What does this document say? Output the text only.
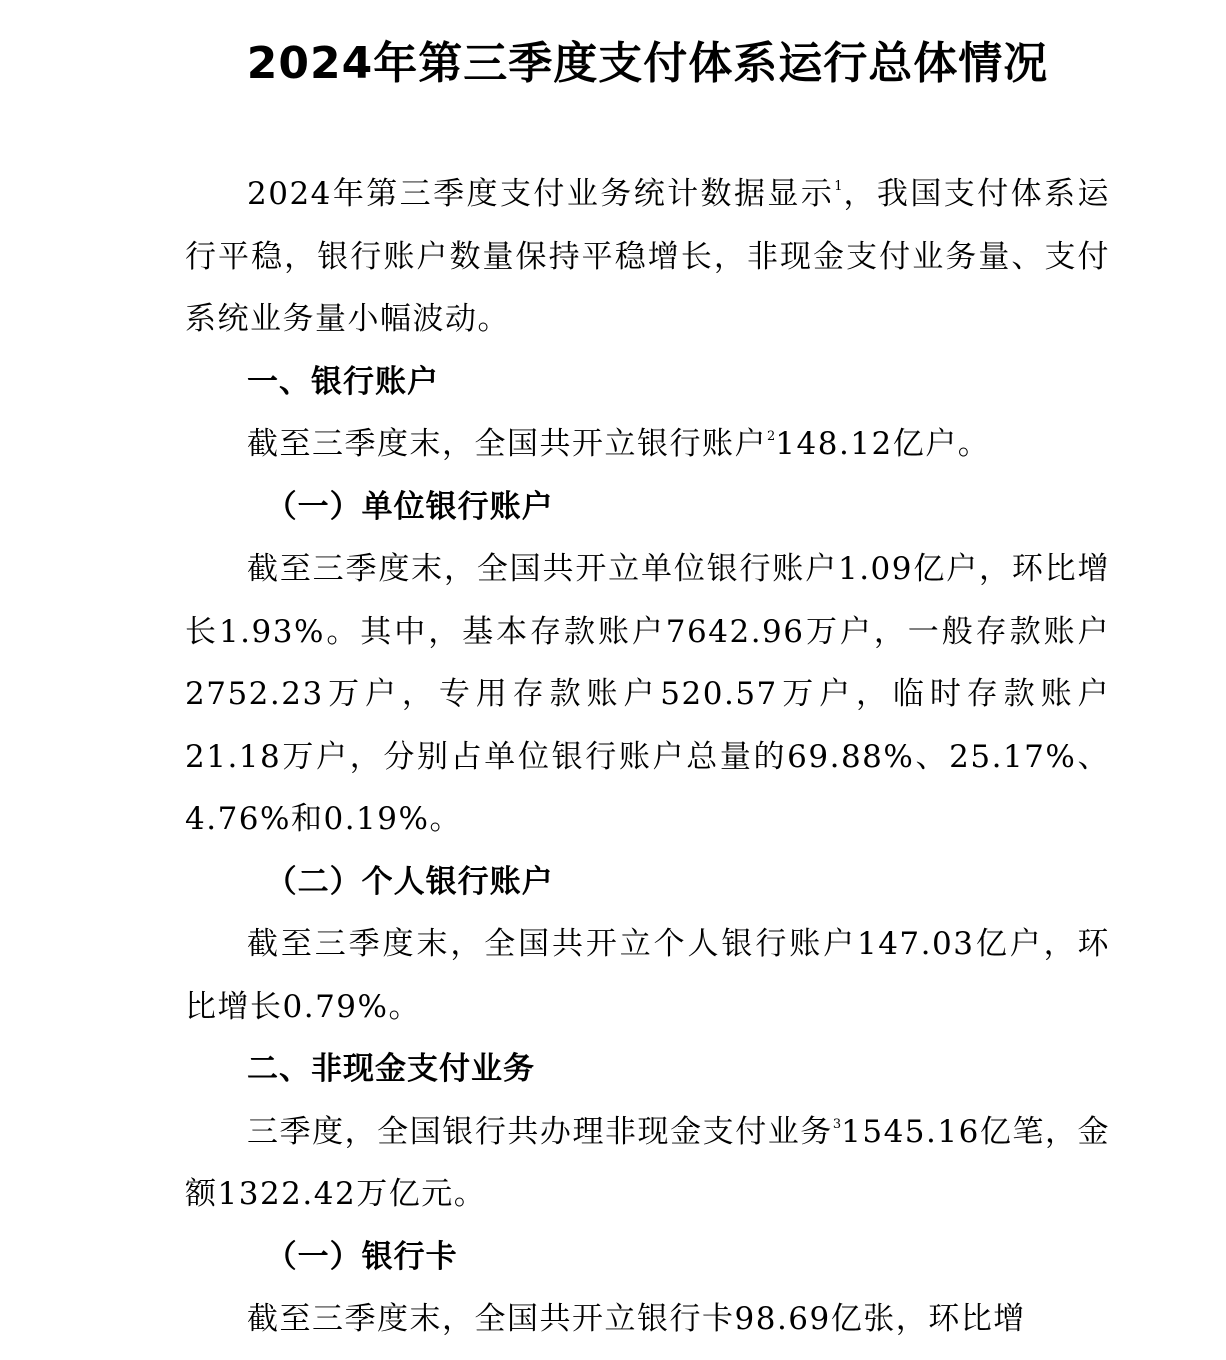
2024年第三季度支付体系运行总体情况

2024年第三季度支付业务统计数据显示$^1$，我国支付体系运行平稳，银行账户数量保持平稳增长，非现金支付业务量、支付系统业务量小幅波动。

一、银行账户

截至三季度末，全国共开立银行账户$^2$148.12亿户。

（一）单位银行账户

截至三季度末，全国共开立单位银行账户1.09亿户，环比增长1.93%。其中，基本存款账户7642.96万户，一般存款账户2752.23万户，专用存款账户520.57万户，临时存款账户21.18万户，分别占单位银行账户总量的69.88%、25.17%、4.76%和0.19%。

（二）个人银行账户

截至三季度末，全国共开立个人银行账户147.03亿户，环比增长0.79%。

二、非现金支付业务

三季度，全国银行共办理非现金支付业务$^3$1545.16亿笔，金额1322.42万亿元。

（一）银行卡

截至三季度末，全国共开立银行卡98.69亿张，环比增
